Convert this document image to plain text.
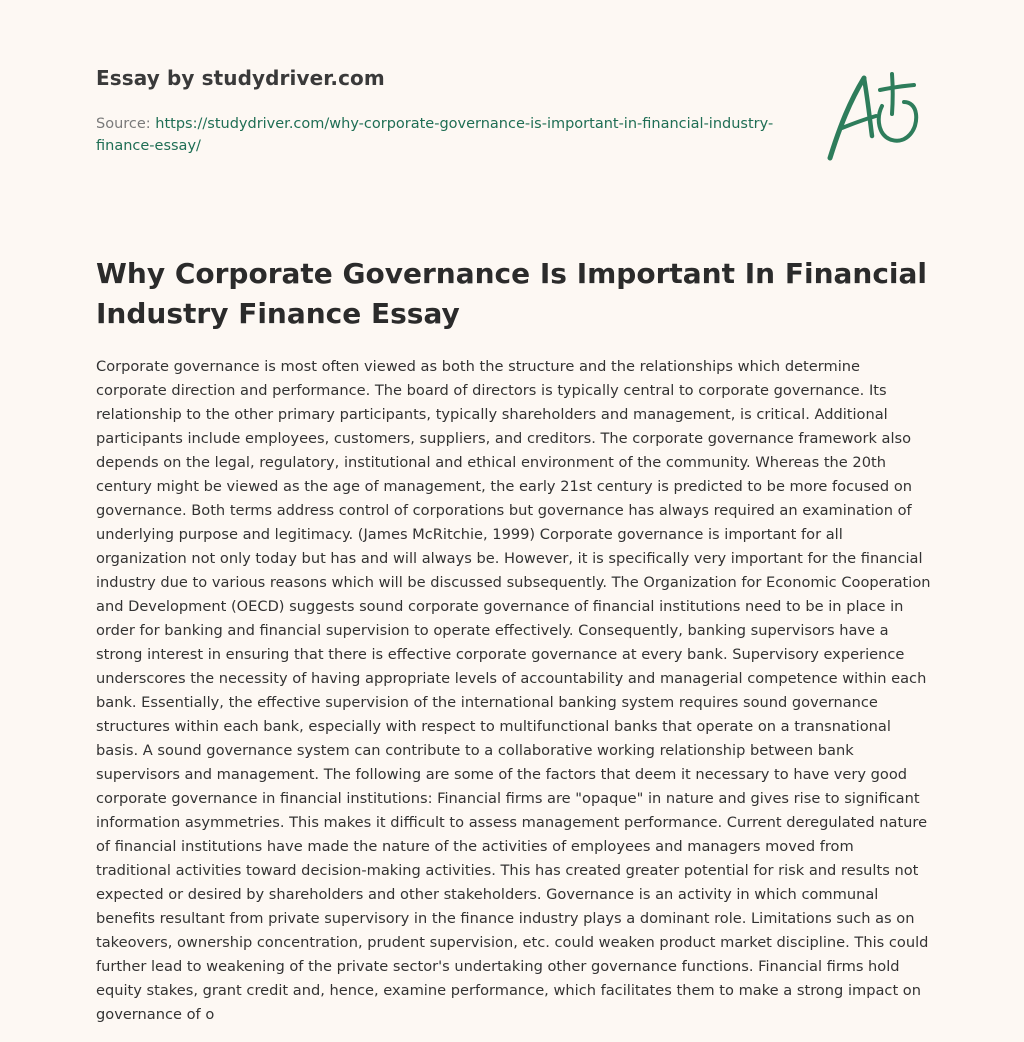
Essay by studydriver.com
Source: https://studydriver.com/why-corporate-governance-is-important-in-financial-industry-finance-essay/
Why Corporate Governance Is Important In Financial Industry Finance Essay

Corporate governance is most often viewed as both the structure and the relationships which determine corporate direction and performance. The board of directors is typically central to corporate governance. Its relationship to the other primary participants, typically shareholders and management, is critical. Additional participants include employees, customers, suppliers, and creditors. The corporate governance framework also depends on the legal, regulatory, institutional and ethical environment of the community. Whereas the 20th century might be viewed as the age of management, the early 21st century is predicted to be more focused on governance. Both terms address control of corporations but governance has always required an examination of underlying purpose and legitimacy. (James McRitchie, 1999) Corporate governance is important for all organization not only today but has and will always be. However, it is specifically very important for the financial industry due to various reasons which will be discussed subsequently. The Organization for Economic Cooperation and Development (OECD) suggests sound corporate governance of financial institutions need to be in place in order for banking and financial supervision to operate effectively. Consequently, banking supervisors have a strong interest in ensuring that there is effective corporate governance at every bank. Supervisory experience underscores the necessity of having appropriate levels of accountability and managerial competence within each bank. Essentially, the effective supervision of the international banking system requires sound governance structures within each bank, especially with respect to multifunctional banks that operate on a transnational basis. A sound governance system can contribute to a collaborative working relationship between bank supervisors and management. The following are some of the factors that deem it necessary to have very good corporate governance in financial institutions: Financial firms are "opaque" in nature and gives rise to significant information asymmetries. This makes it difficult to assess management performance. Current deregulated nature of financial institutions have made the nature of the activities of employees and managers moved from traditional activities toward decision-making activities. This has created greater potential for risk and results not expected or desired by shareholders and other stakeholders. Governance is an activity in which communal benefits resultant from private supervisory in the finance industry plays a dominant role. Limitations such as on takeovers, ownership concentration, prudent supervision, etc. could weaken product market discipline. This could further lead to weakening of the private sector's undertaking other governance functions. Financial firms hold equity stakes, grant credit and, hence, examine performance, which facilitates them to make a strong impact on governance of o
